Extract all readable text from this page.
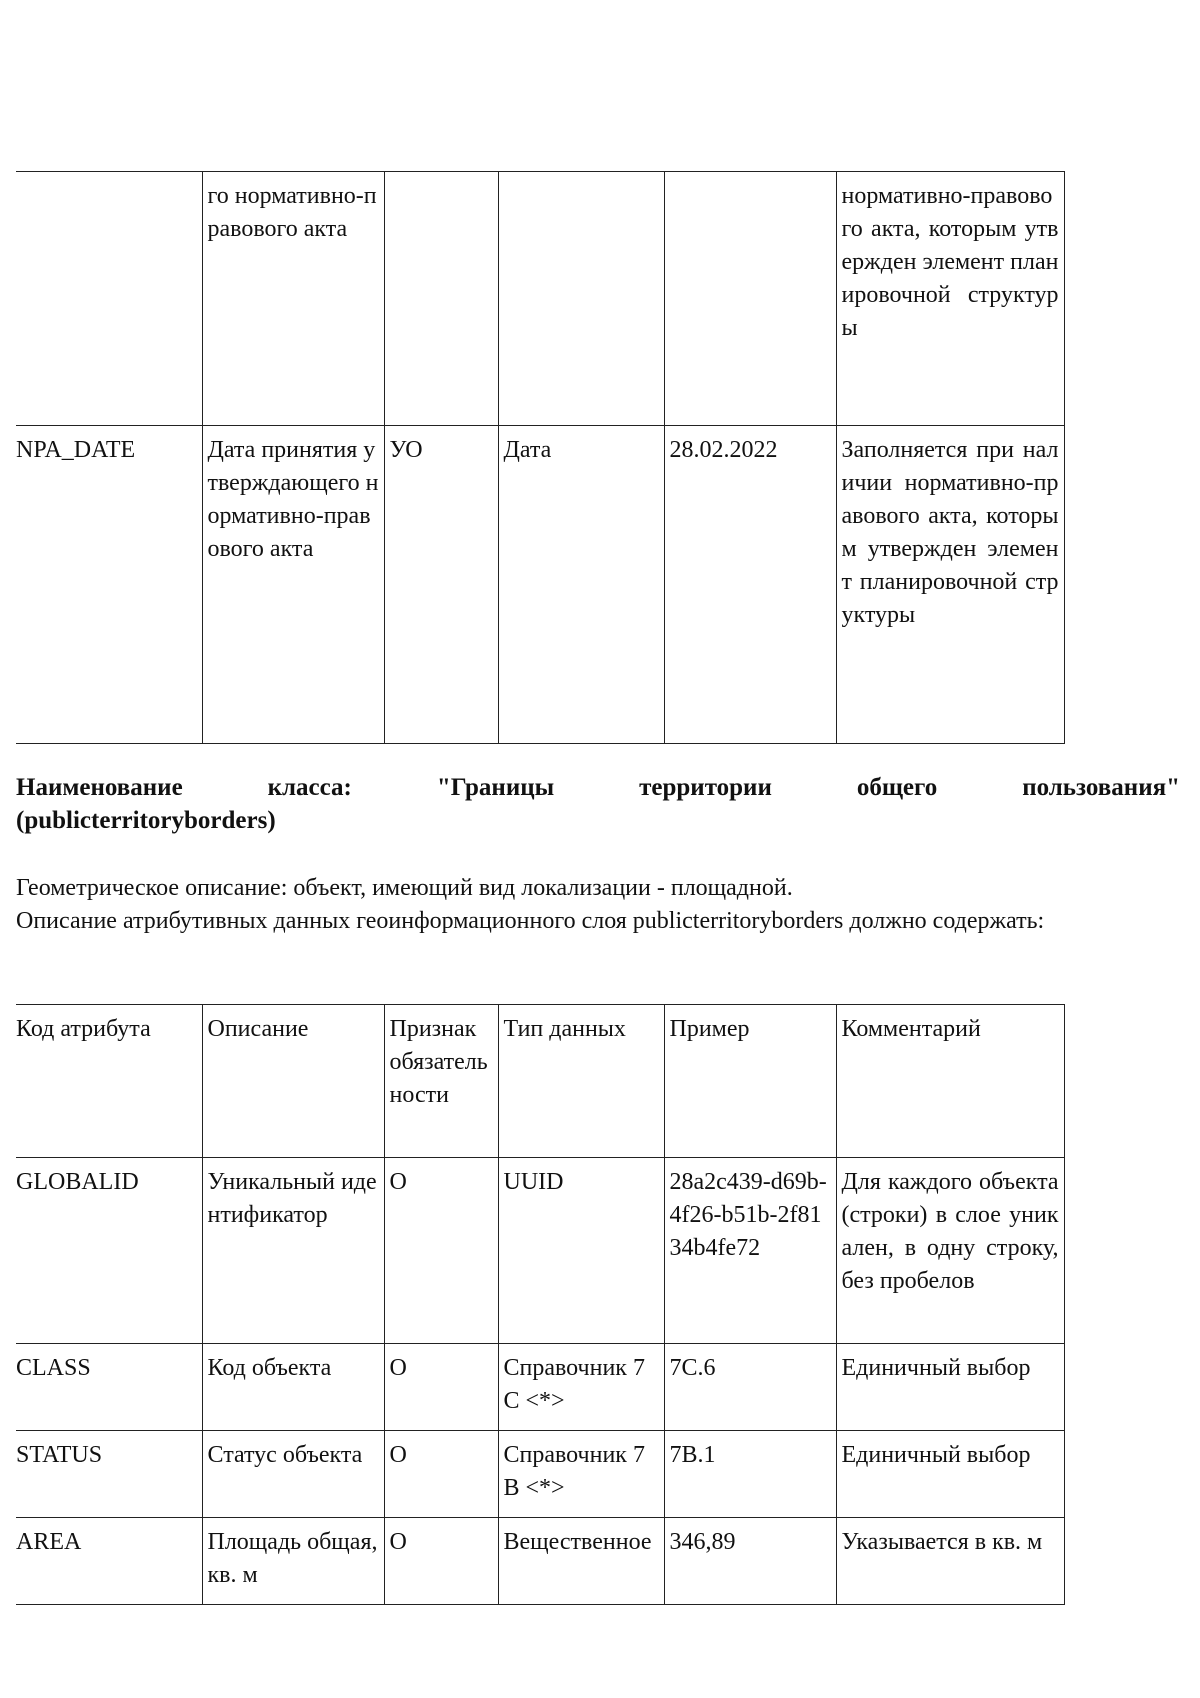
	го нормативно-правового акта				нормативно-правового акта, которым утвержден элемент планировочной структуры
NPA_DATE	Дата принятия утверждающего нормативно-правового акта	УО	Дата	28.02.2022	Заполняется при наличии нормативно-правового акта, которым утвержден элемент планировочной структуры
Наименование	класса:	"Границы	территории	общего	пользования"
(publicterritoryborders)
Геометрическое описание: объект, имеющий вид локализации - площадной.
Описание атрибутивных данных геоинформационного слоя publicterritoryborders должно содержать:
Код атрибута	Описание	Признак обязательности	Тип данных	Пример	Комментарий
GLOBALID	Уникальный идентификатор	О	UUID	28a2c439-d69b-4f26-b51b-2f8134b4fe72	Для каждого объекта (строки) в слое уникален, в одну строку, без пробелов
CLASS	Код объекта	О	Справочник 7C <*>	7C.6	Единичный выбор
STATUS	Статус объекта	О	Справочник 7B <*>	7B.1	Единичный выбор
AREA	Площадь общая, кв. м	О	Вещественное	346,89	Указывается в кв. м
